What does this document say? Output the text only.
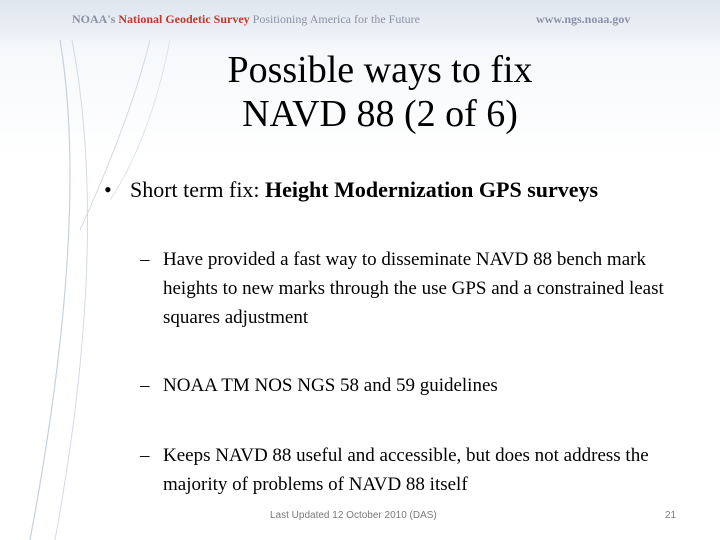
NOAA's National Geodetic Survey Positioning America for the Future	www.ngs.noaa.gov
Possible ways to fix
NAVD 88 (2 of 6)
• Short term fix: Height Modernization GPS surveys
– Have provided a fast way to disseminate NAVD 88 bench mark heights to new marks through the use GPS and a constrained least squares adjustment
– NOAA TM NOS NGS 58 and 59 guidelines
– Keeps NAVD 88 useful and accessible, but does not address the majority of problems of NAVD 88 itself
Last Updated 12 October 2010 (DAS)	21
